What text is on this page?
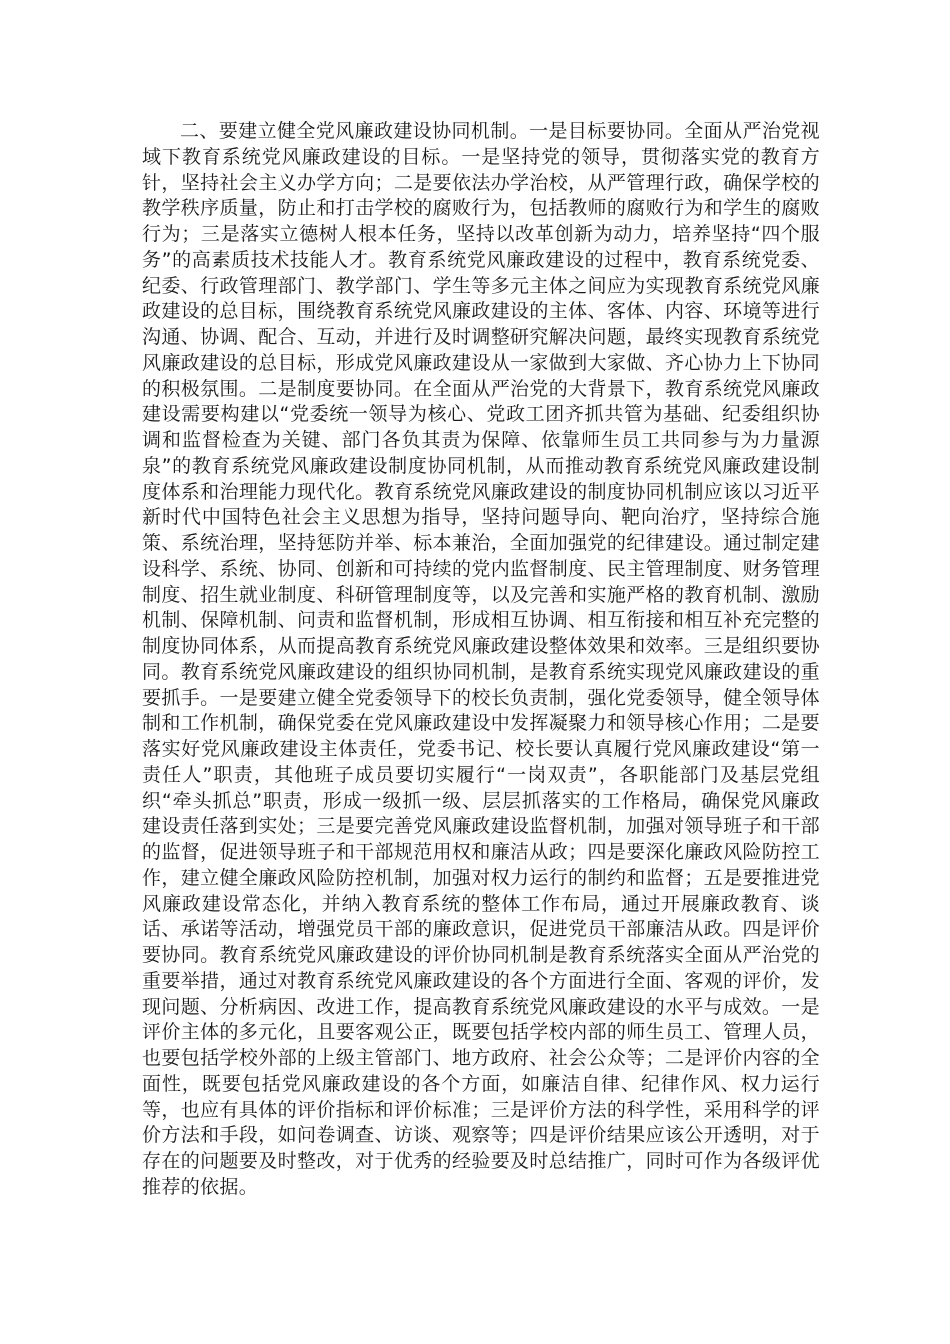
二、要建立健全党风廉政建设协同机制。一是目标要协同。全面从严治党视域下教育系统党风廉政建设的目标。一是坚持党的领导，贯彻落实党的教育方针，坚持社会主义办学方向；二是要依法办学治校，从严管理行政，确保学校的教学秩序质量，防止和打击学校的腐败行为，包括教师的腐败行为和学生的腐败行为；三是落实立德树人根本任务，坚持以改革创新为动力，培养坚持“四个服务”的高素质技术技能人才。教育系统党风廉政建设的过程中，教育系统党委、纪委、行政管理部门、教学部门、学生等多元主体之间应为实现教育系统党风廉政建设的总目标，围绕教育系统党风廉政建设的主体、客体、内容、环境等进行沟通、协调、配合、互动，并进行及时调整研究解决问题，最终实现教育系统党风廉政建设的总目标，形成党风廉政建设从一家做到大家做、齐心协力上下协同的积极氛围。二是制度要协同。在全面从严治党的大背景下，教育系统党风廉政建设需要构建以“党委统一领导为核心、党政工团齐抓共管为基础、纪委组织协调和监督检查为关键、部门各负其责为保障、依靠师生员工共同参与为力量源泉”的教育系统党风廉政建设制度协同机制，从而推动教育系统党风廉政建设制度体系和治理能力现代化。教育系统党风廉政建设的制度协同机制应该以习近平新时代中国特色社会主义思想为指导，坚持问题导向、靶向治疗，坚持综合施策、系统治理，坚持惩防并举、标本兼治，全面加强党的纪律建设。通过制定建设科学、系统、协同、创新和可持续的党内监督制度、民主管理制度、财务管理制度、招生就业制度、科研管理制度等，以及完善和实施严格的教育机制、激励机制、保障机制、问责和监督机制，形成相互协调、相互衔接和相互补充完整的制度协同体系，从而提高教育系统党风廉政建设整体效果和效率。三是组织要协同。教育系统党风廉政建设的组织协同机制，是教育系统实现党风廉政建设的重要抓手。一是要建立健全党委领导下的校长负责制，强化党委领导，健全领导体制和工作机制，确保党委在党风廉政建设中发挥凝聚力和领导核心作用；二是要落实好党风廉政建设主体责任，党委书记、校长要认真履行党风廉政建设“第一责任人”职责，其他班子成员要切实履行“一岗双责”，各职能部门及基层党组织“牵头抓总”职责，形成一级抓一级、层层抓落实的工作格局，确保党风廉政建设责任落到实处；三是要完善党风廉政建设监督机制，加强对领导班子和干部的监督，促进领导班子和干部规范用权和廉洁从政；四是要深化廉政风险防控工作，建立健全廉政风险防控机制，加强对权力运行的制约和监督；五是要推进党风廉政建设常态化，并纳入教育系统的整体工作布局，通过开展廉政教育、谈话、承诺等活动，增强党员干部的廉政意识，促进党员干部廉洁从政。四是评价要协同。教育系统党风廉政建设的评价协同机制是教育系统落实全面从严治党的重要举措，通过对教育系统党风廉政建设的各个方面进行全面、客观的评价，发现问题、分析病因、改进工作，提高教育系统党风廉政建设的水平与成效。一是评价主体的多元化，且要客观公正，既要包括学校内部的师生员工、管理人员，也要包括学校外部的上级主管部门、地方政府、社会公众等；二是评价内容的全面性，既要包括党风廉政建设的各个方面，如廉洁自律、纪律作风、权力运行等，也应有具体的评价指标和评价标准；三是评价方法的科学性，采用科学的评价方法和手段，如问卷调查、访谈、观察等；四是评价结果应该公开透明，对于存在的问题要及时整改，对于优秀的经验要及时总结推广，同时可作为各级评优推荐的依据。
